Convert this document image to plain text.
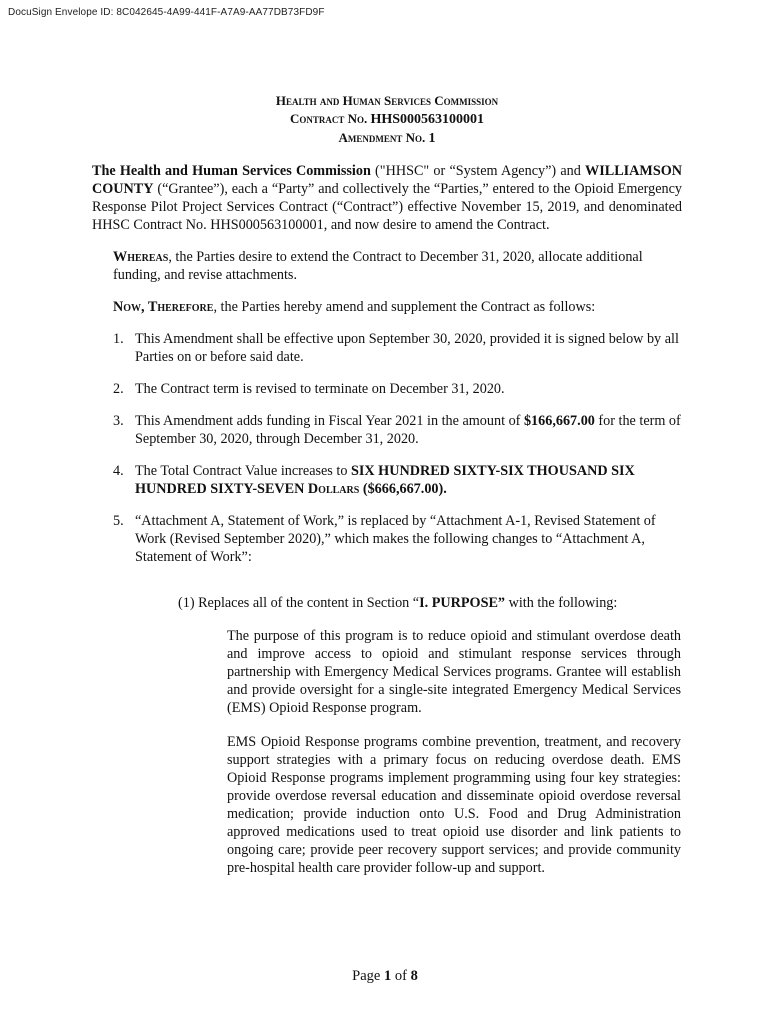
DocuSign Envelope ID: 8C042645-4A99-441F-A7A9-AA77DB73FD9F
Health and Human Services Commission
Contract No. HHS000563100001
Amendment No. 1
The Health and Human Services Commission ("HHSC" or “System Agency”) and WILLIAMSON COUNTY (“Grantee”), each a “Party” and collectively the “Parties,” entered to the Opioid Emergency Response Pilot Project Services Contract (“Contract”) effective November 15, 2019, and denominated HHSC Contract No. HHS000563100001, and now desire to amend the Contract.
Whereas, the Parties desire to extend the Contract to December 31, 2020, allocate additional funding, and revise attachments.
Now, Therefore, the Parties hereby amend and supplement the Contract as follows:
1. This Amendment shall be effective upon September 30, 2020, provided it is signed below by all Parties on or before said date.
2. The Contract term is revised to terminate on December 31, 2020.
3. This Amendment adds funding in Fiscal Year 2021 in the amount of $166,667.00 for the term of September 30, 2020, through December 31, 2020.
4. The Total Contract Value increases to SIX HUNDRED SIXTY-SIX THOUSAND SIX HUNDRED SIXTY-SEVEN Dollars ($666,667.00).
5. “Attachment A, Statement of Work,” is replaced by “Attachment A-1, Revised Statement of Work (Revised September 2020),” which makes the following changes to “Attachment A, Statement of Work”:
(1) Replaces all of the content in Section “I. PURPOSE” with the following:

The purpose of this program is to reduce opioid and stimulant overdose death and improve access to opioid and stimulant response services through partnership with Emergency Medical Services programs. Grantee will establish and provide oversight for a single-site integrated Emergency Medical Services (EMS) Opioid Response program.

EMS Opioid Response programs combine prevention, treatment, and recovery support strategies with a primary focus on reducing overdose death. EMS Opioid Response programs implement programming using four key strategies: provide overdose reversal education and disseminate opioid overdose reversal medication; provide induction onto U.S. Food and Drug Administration approved medications used to treat opioid use disorder and link patients to ongoing care; provide peer recovery support services; and provide community pre-hospital health care provider follow-up and support.

Page 1 of 8
